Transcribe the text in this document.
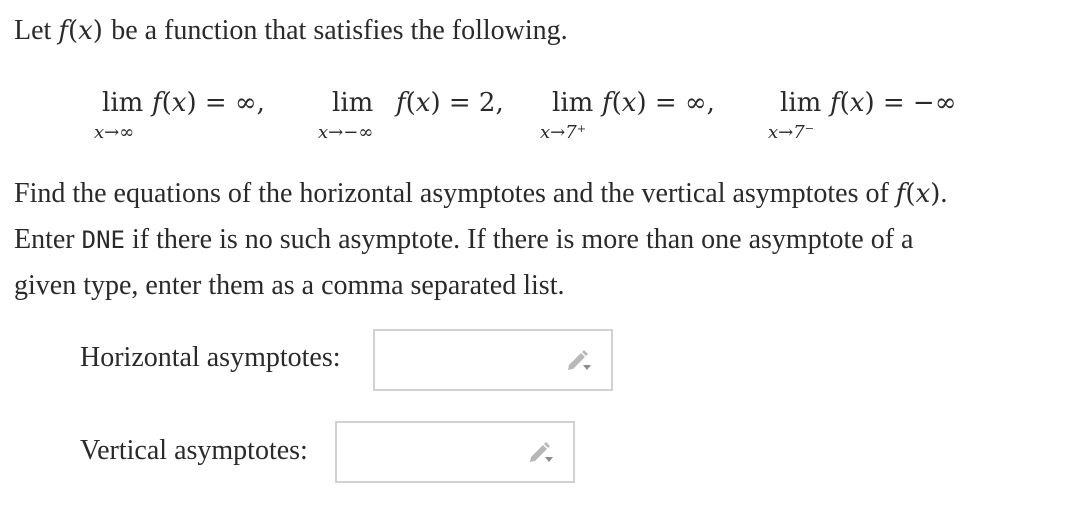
Let f(x) be a function that satisfies the following.
lim
x→∞
f(x) = ∞,	lim
x→−∞
f(x) = 2, lim
x→7⁺
f(x) = ∞,	lim
x→7⁻
f(x) = −∞
Find the equations of the horizontal asymptotes and the vertical asymptotes of f(x).
Enter DNE if there is no such asymptote. If there is more than one asymptote of a
given type, enter them as a comma separated list.
Horizontal asymptotes:
Vertical asymptotes:
